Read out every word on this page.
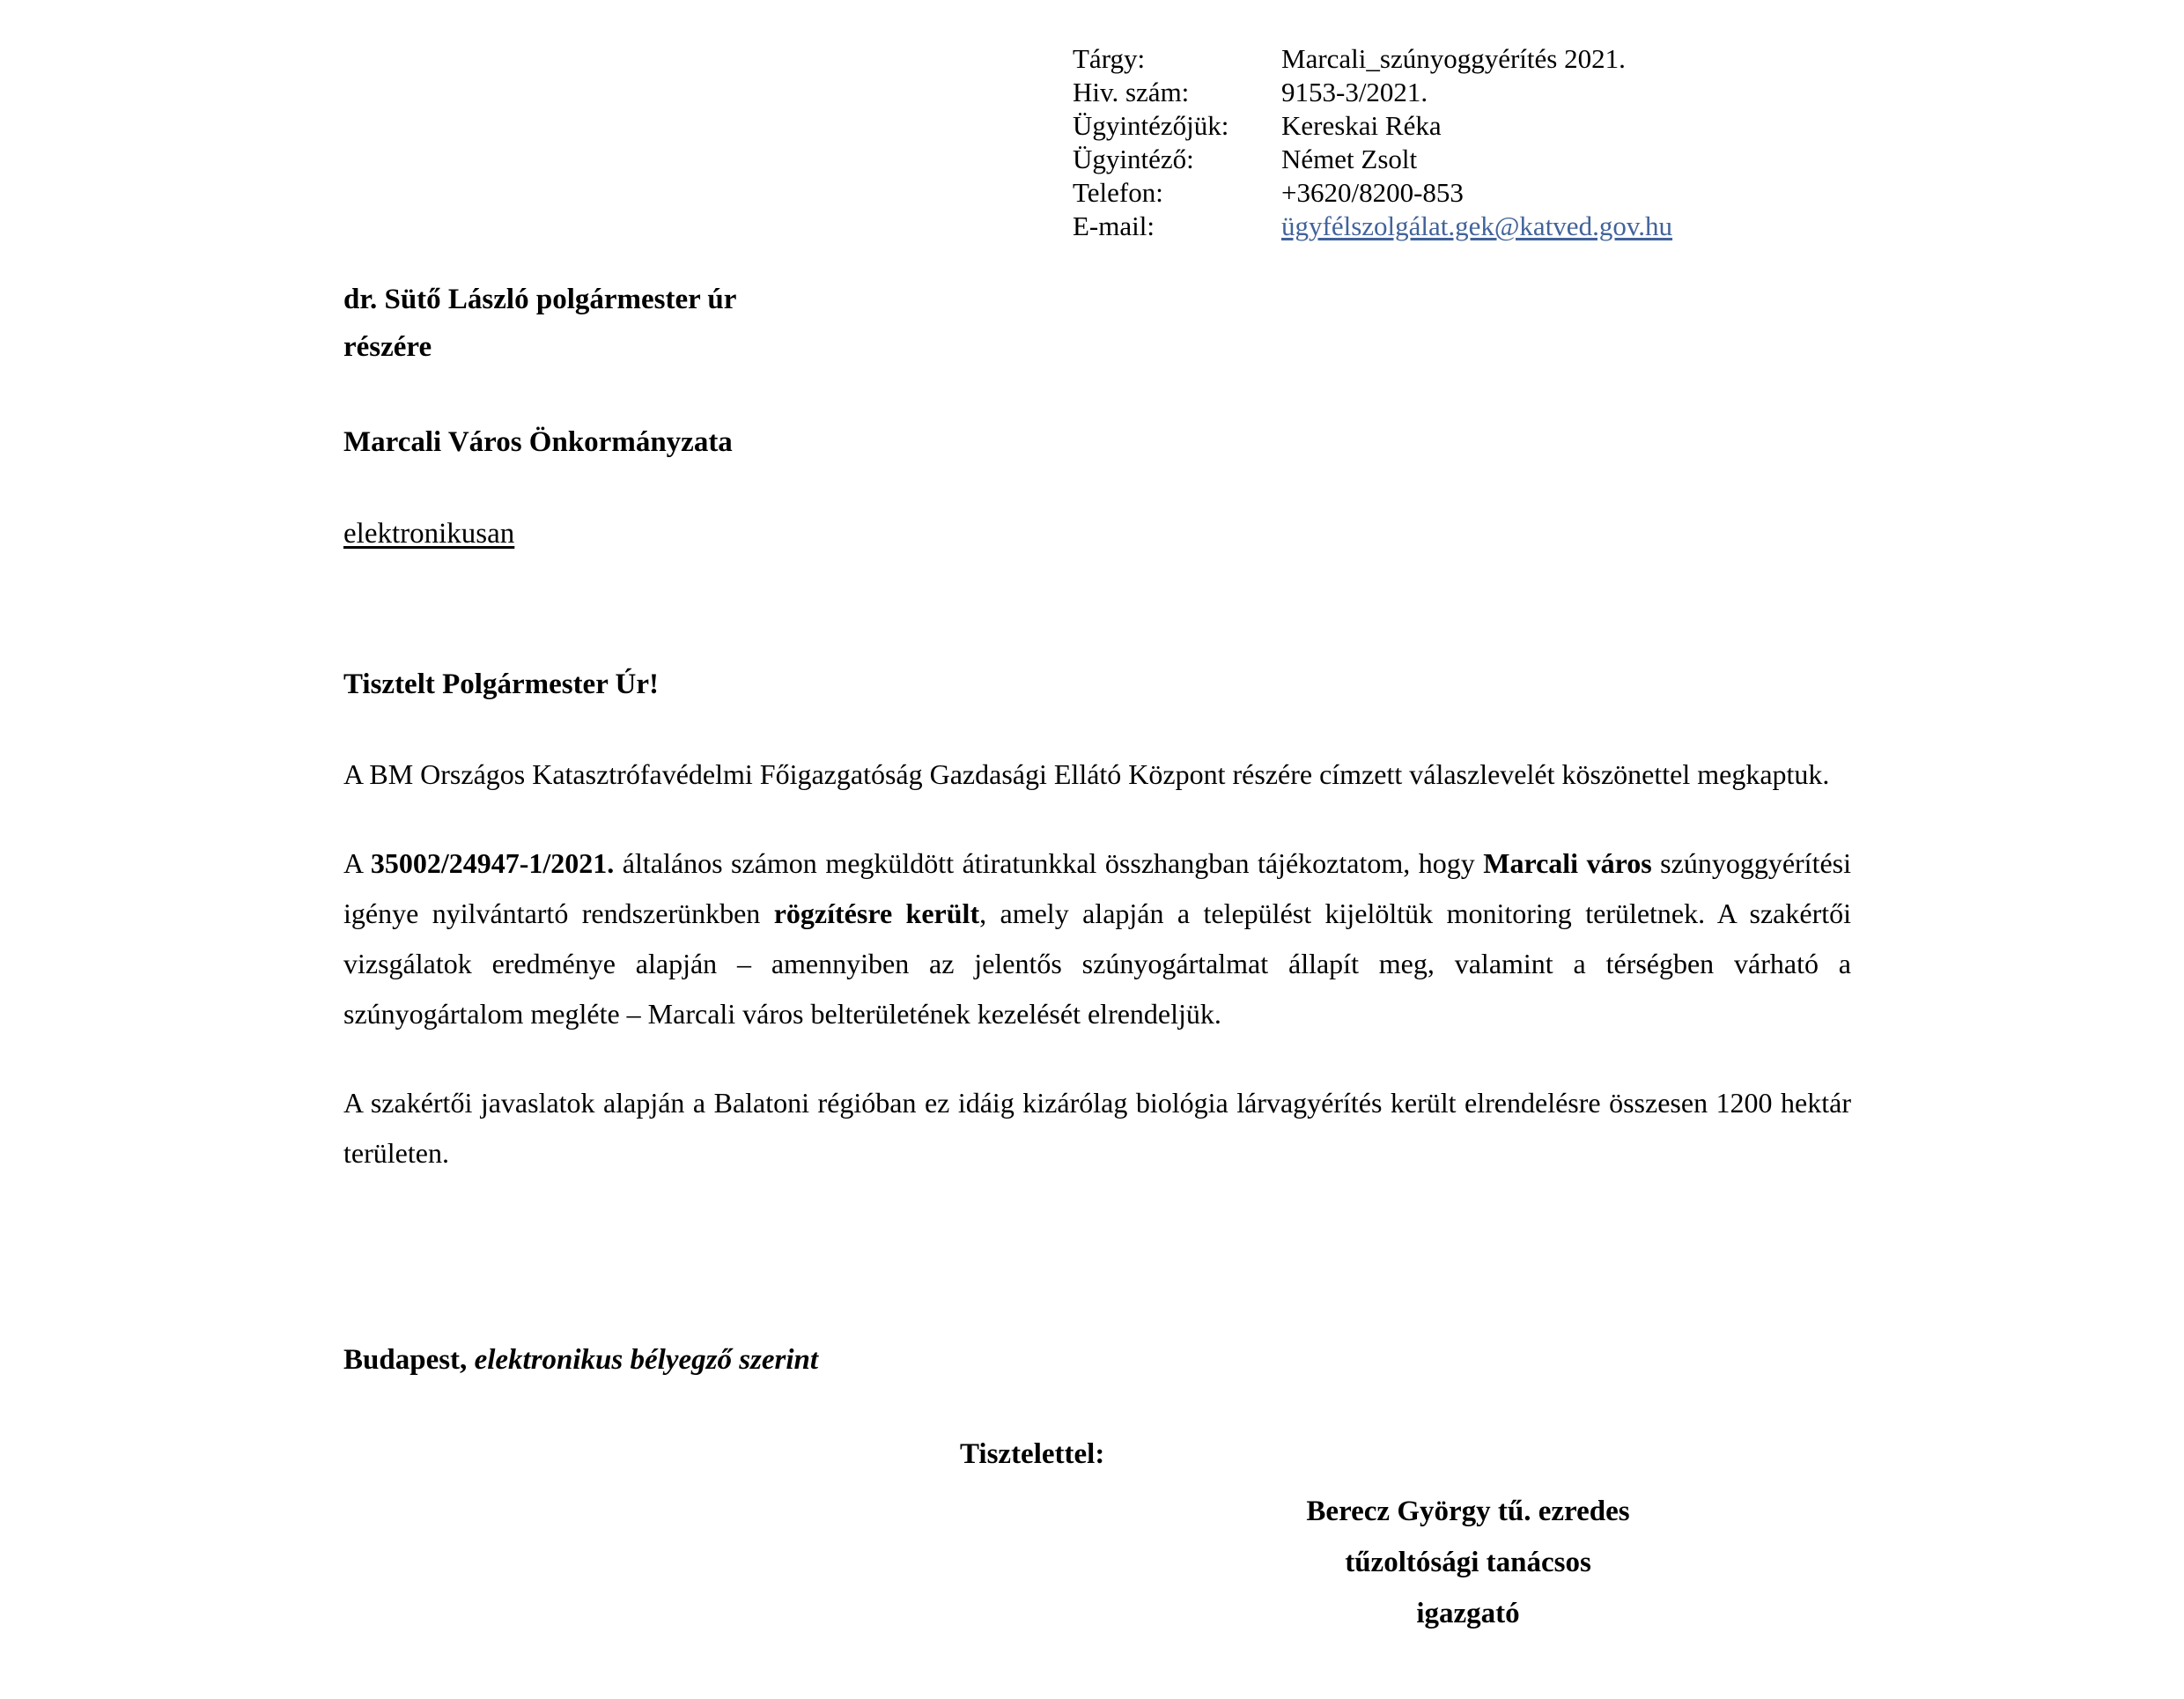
Tárgy:	Marcali_szúnyoggyérítés 2021.
Hiv. szám:	9153-3/2021.
Ügyintézőjük:	Kereskai Réka
Ügyintéző:	Német Zsolt
Telefon:	+3620/8200-853
E-mail:	ügyfélszolgálat.gek@katved.gov.hu
dr. Sütő László polgármester úr
részére
Marcali Város Önkormányzata
elektronikusan
Tisztelt Polgármester Úr!

A BM Országos Katasztrófavédelmi Főigazgatóság Gazdasági Ellátó Központ részére címzett válaszlevelét köszönettel megkaptuk.

A 35002/24947-1/2021. általános számon megküldött átiratunkkal összhangban tájékoztatom, hogy Marcali város szúnyoggyérítési igénye nyilvántartó rendszerünkben rögzítésre került, amely alapján a települést kijelöltük monitoring területnek. A szakértői vizsgálatok eredménye alapján – amennyiben az jelentős szúnyogártalmat állapít meg, valamint a térségben várható a szúnyogártalom megléte – Marcali város belterületének kezelését elrendeljük.

A szakértői javaslatok alapján a Balatoni régióban ez idáig kizárólag biológia lárvagyérítés került elrendelésre összesen 1200 hektár területen.

Budapest, elektronikus bélyegző szerint
Tisztelettel:
Berecz György tű. ezredes
tűzoltósági tanácsos
igazgató
